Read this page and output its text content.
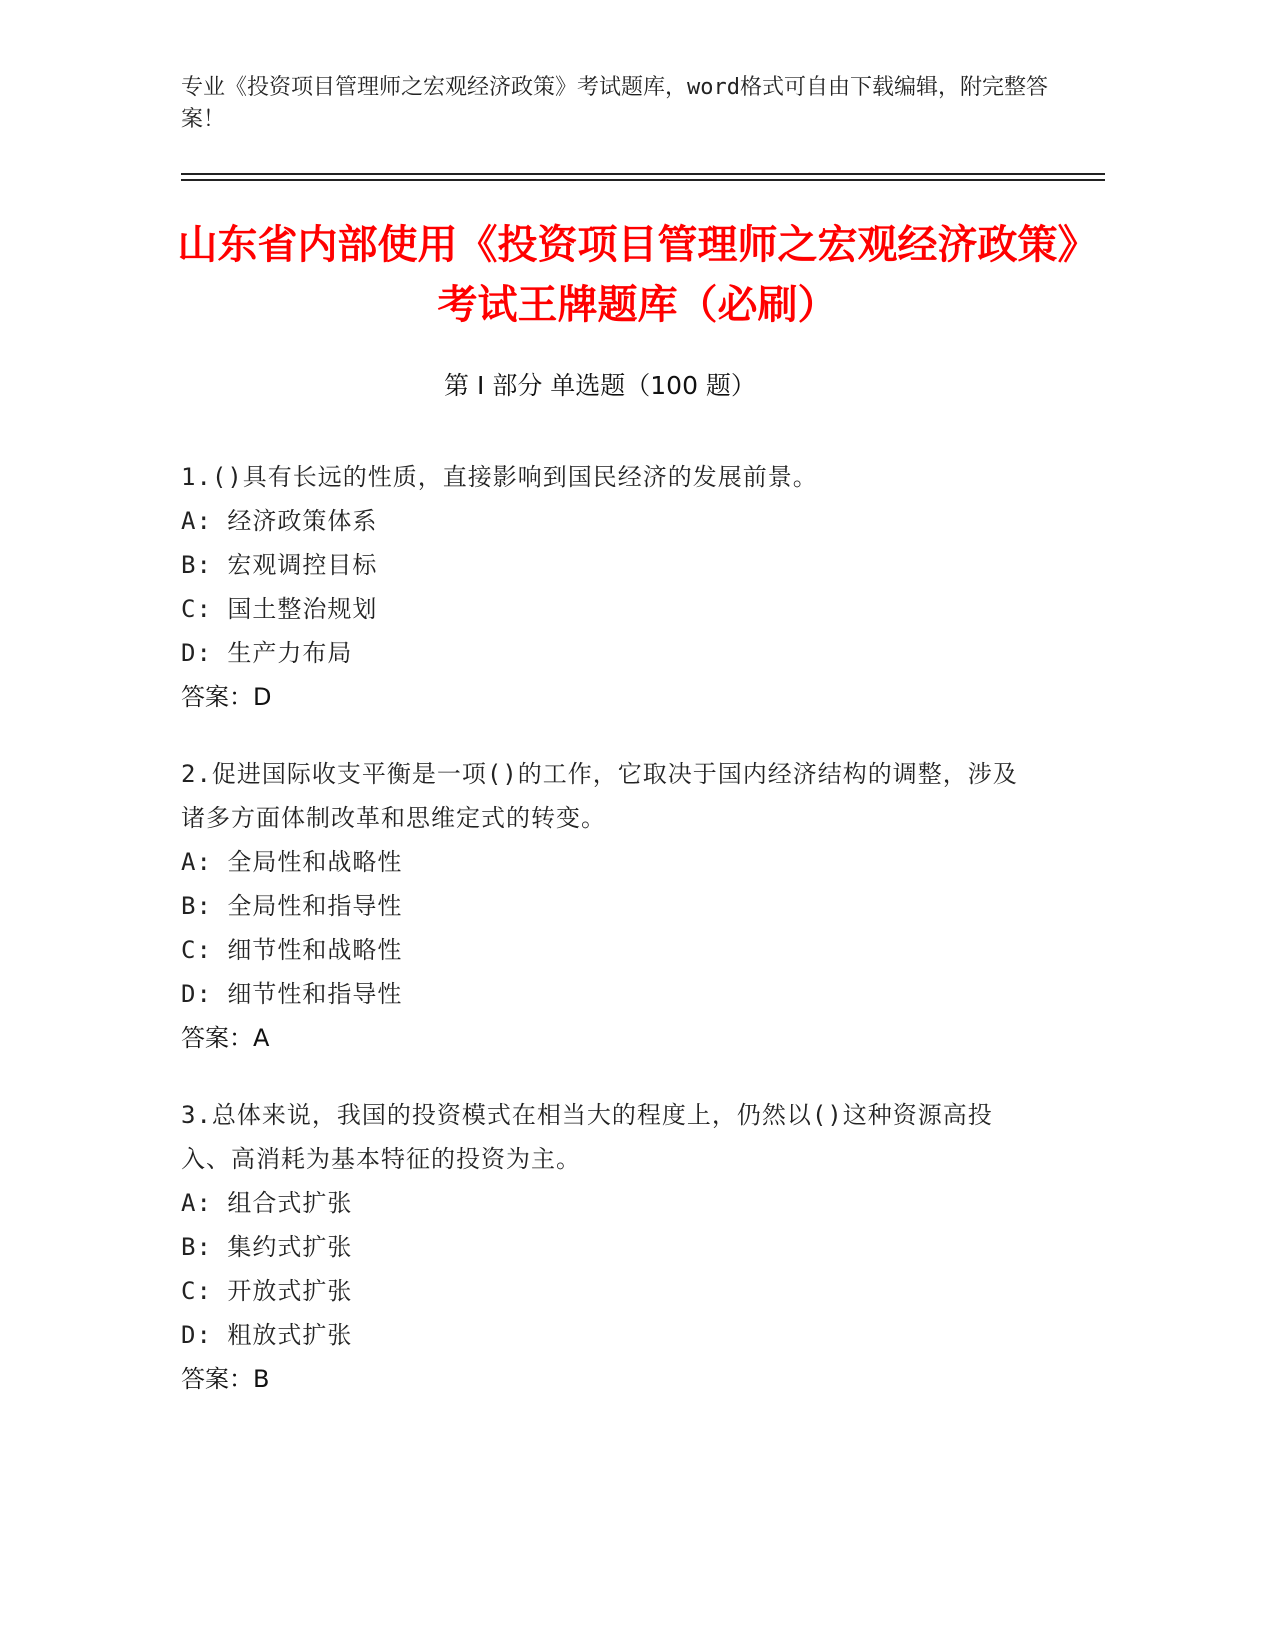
专业《投资项目管理师之宏观经济政策》考试题库，word格式可自由下载编辑，附完整答案！
山东省内部使用《投资项目管理师之宏观经济政策》考试王牌题库（必刷）
第 I 部分 单选题（100 题）
1.()具有长远的性质，直接影响到国民经济的发展前景。
A: 经济政策体系
B: 宏观调控目标
C: 国土整治规划
D: 生产力布局
答案：D
2.促进国际收支平衡是一项()的工作，它取决于国内经济结构的调整，涉及诸多方面体制改革和思维定式的转变。
A: 全局性和战略性
B: 全局性和指导性
C: 细节性和战略性
D: 细节性和指导性
答案：A
3.总体来说，我国的投资模式在相当大的程度上，仍然以()这种资源高投入、高消耗为基本特征的投资为主。
A: 组合式扩张
B: 集约式扩张
C: 开放式扩张
D: 粗放式扩张
答案：B
